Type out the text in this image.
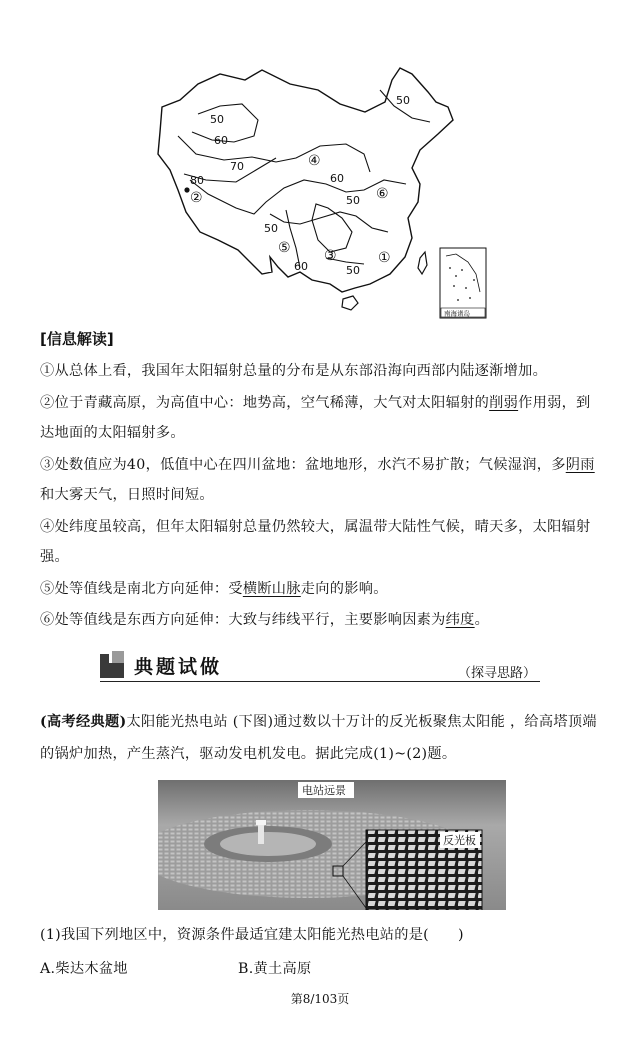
50
50
60
70
80	60
50
50
60	50
①
②
③
④
⑤
⑥
南海诸岛
[信息解读]
①从总体上看，我国年太阳辐射总量的分布是从东部沿海向西部内陆逐渐增加。
②位于青藏高原，为高值中心：地势高，空气稀薄，大气对太阳辐射的削弱作用弱，到达地面的太阳辐射多。
③处数值应为40，低值中心在四川盆地：盆地地形，水汽不易扩散；气候湿润，多阴雨和大雾天气，日照时间短。
④处纬度虽较高，但年太阳辐射总量仍然较大，属温带大陆性气候，晴天多，太阳辐射强。
⑤处等值线是南北方向延伸：受横断山脉走向的影响。
⑥处等值线是东西方向延伸：大致与纬线平行，主要影响因素为纬度。
典题试做	（探寻思路）
(高考经典题)太阳能光热电站 (下图)通过数以十万计的反光板聚焦太阳能 ，给高塔顶端的锅炉加热，产生蒸汽，驱动发电机发电。据此完成(1)~(2)题。
电站远景
反光板
(1)我国下列地区中，资源条件最适宜建太阳能光热电站的是(　　)
A.柴达木盆地	B.黄土高原
第8/103页
